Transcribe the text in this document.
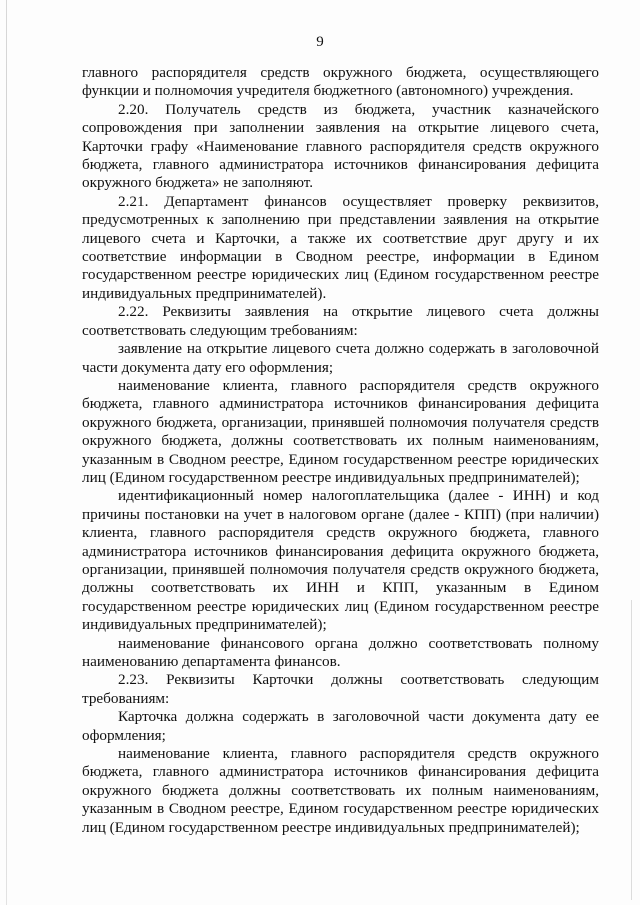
9

главного распорядителя средств окружного бюджета, осуществляющего функции и полномочия учредителя бюджетного (автономного) учреждения.

2.20. Получатель средств из бюджета, участник казначейского сопровождения при заполнении заявления на открытие лицевого счета, Карточки графу «Наименование главного распорядителя средств окружного бюджета, главного администратора источников финансирования дефицита окружного бюджета» не заполняют.

2.21. Департамент финансов осуществляет проверку реквизитов, предусмотренных к заполнению при представлении заявления на открытие лицевого счета и Карточки, а также их соответствие друг другу и их соответствие информации в Сводном реестре, информации в Едином государственном реестре юридических лиц (Едином государственном реестре индивидуальных предпринимателей).

2.22. Реквизиты заявления на открытие лицевого счета должны соответствовать следующим требованиям:

заявление на открытие лицевого счета должно содержать в заголовочной части документа дату его оформления;

наименование клиента, главного распорядителя средств окружного бюджета, главного администратора источников финансирования дефицита окружного бюджета, организации, принявшей полномочия получателя средств окружного бюджета, должны соответствовать их полным наименованиям, указанным в Сводном реестре, Едином государственном реестре юридических лиц (Едином государственном реестре индивидуальных предпринимателей);

идентификационный номер налогоплательщика (далее - ИНН) и код причины постановки на учет в налоговом органе (далее - КПП) (при наличии) клиента, главного распорядителя средств окружного бюджета, главного администратора источников финансирования дефицита окружного бюджета, организации, принявшей полномочия получателя средств окружного бюджета, должны соответствовать их ИНН и КПП, указанным в Едином государственном реестре юридических лиц (Едином государственном реестре индивидуальных предпринимателей);

наименование финансового органа должно соответствовать полному наименованию департамента финансов.

2.23. Реквизиты Карточки должны соответствовать следующим требованиям:

Карточка должна содержать в заголовочной части документа дату ее оформления;

наименование клиента, главного распорядителя средств окружного бюджета, главного администратора источников финансирования дефицита окружного бюджета должны соответствовать их полным наименованиям, указанным в Сводном реестре, Едином государственном реестре юридических лиц (Едином государственном реестре индивидуальных предпринимателей);
